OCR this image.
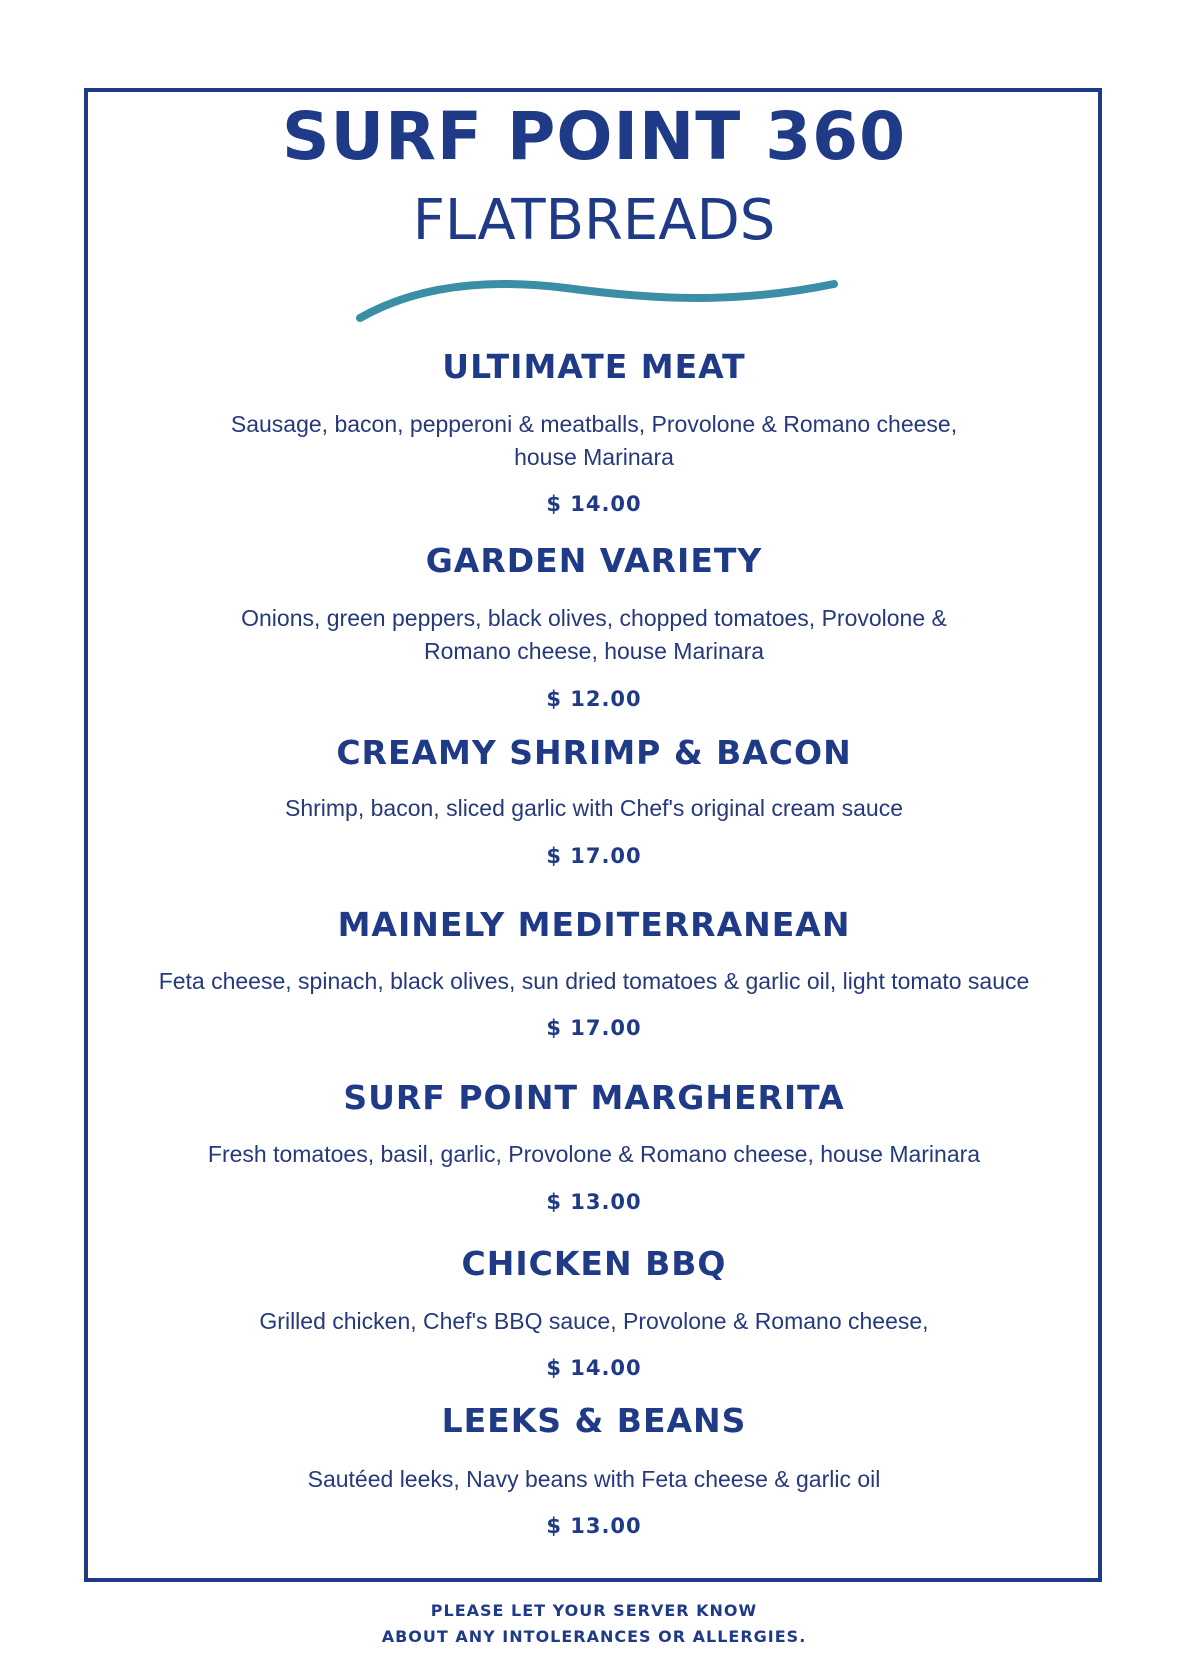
SURF POINT 360
FLATBREADS
ULTIMATE MEAT
Sausage, bacon, pepperoni & meatballs, Provolone & Romano cheese,
house Marinara
$ 14.00
GARDEN VARIETY
Onions, green peppers, black olives, chopped tomatoes, Provolone &
Romano cheese, house Marinara
$ 12.00
CREAMY SHRIMP & BACON
Shrimp, bacon, sliced garlic with Chef's original cream sauce
$ 17.00
MAINELY MEDITERRANEAN
Feta cheese, spinach, black olives, sun dried tomatoes & garlic oil, light tomato sauce
$ 17.00
SURF POINT MARGHERITA
Fresh tomatoes, basil, garlic, Provolone & Romano cheese, house Marinara
$ 13.00
CHICKEN BBQ
Grilled chicken, Chef's BBQ sauce, Provolone & Romano cheese,
$ 14.00
LEEKS & BEANS
Sautéed leeks, Navy beans with Feta cheese & garlic oil
$ 13.00
PLEASE LET YOUR SERVER KNOW
ABOUT ANY INTOLERANCES OR ALLERGIES.
